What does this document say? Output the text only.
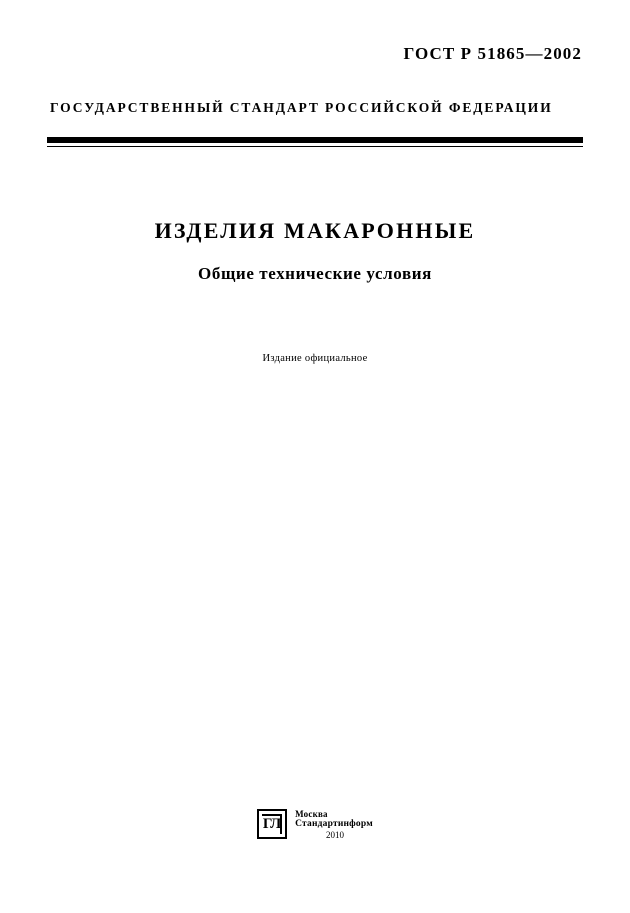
ГОСТ Р 51865—2002
ГОСУДАРСТВЕННЫЙ СТАНДАРТ РОССИЙСКОЙ ФЕДЕРАЦИИ
ИЗДЕЛИЯ МАКАРОННЫЕ
Общие технические условия
Издание официальное
ГЛ
Москва
Стандартинформ
2010
